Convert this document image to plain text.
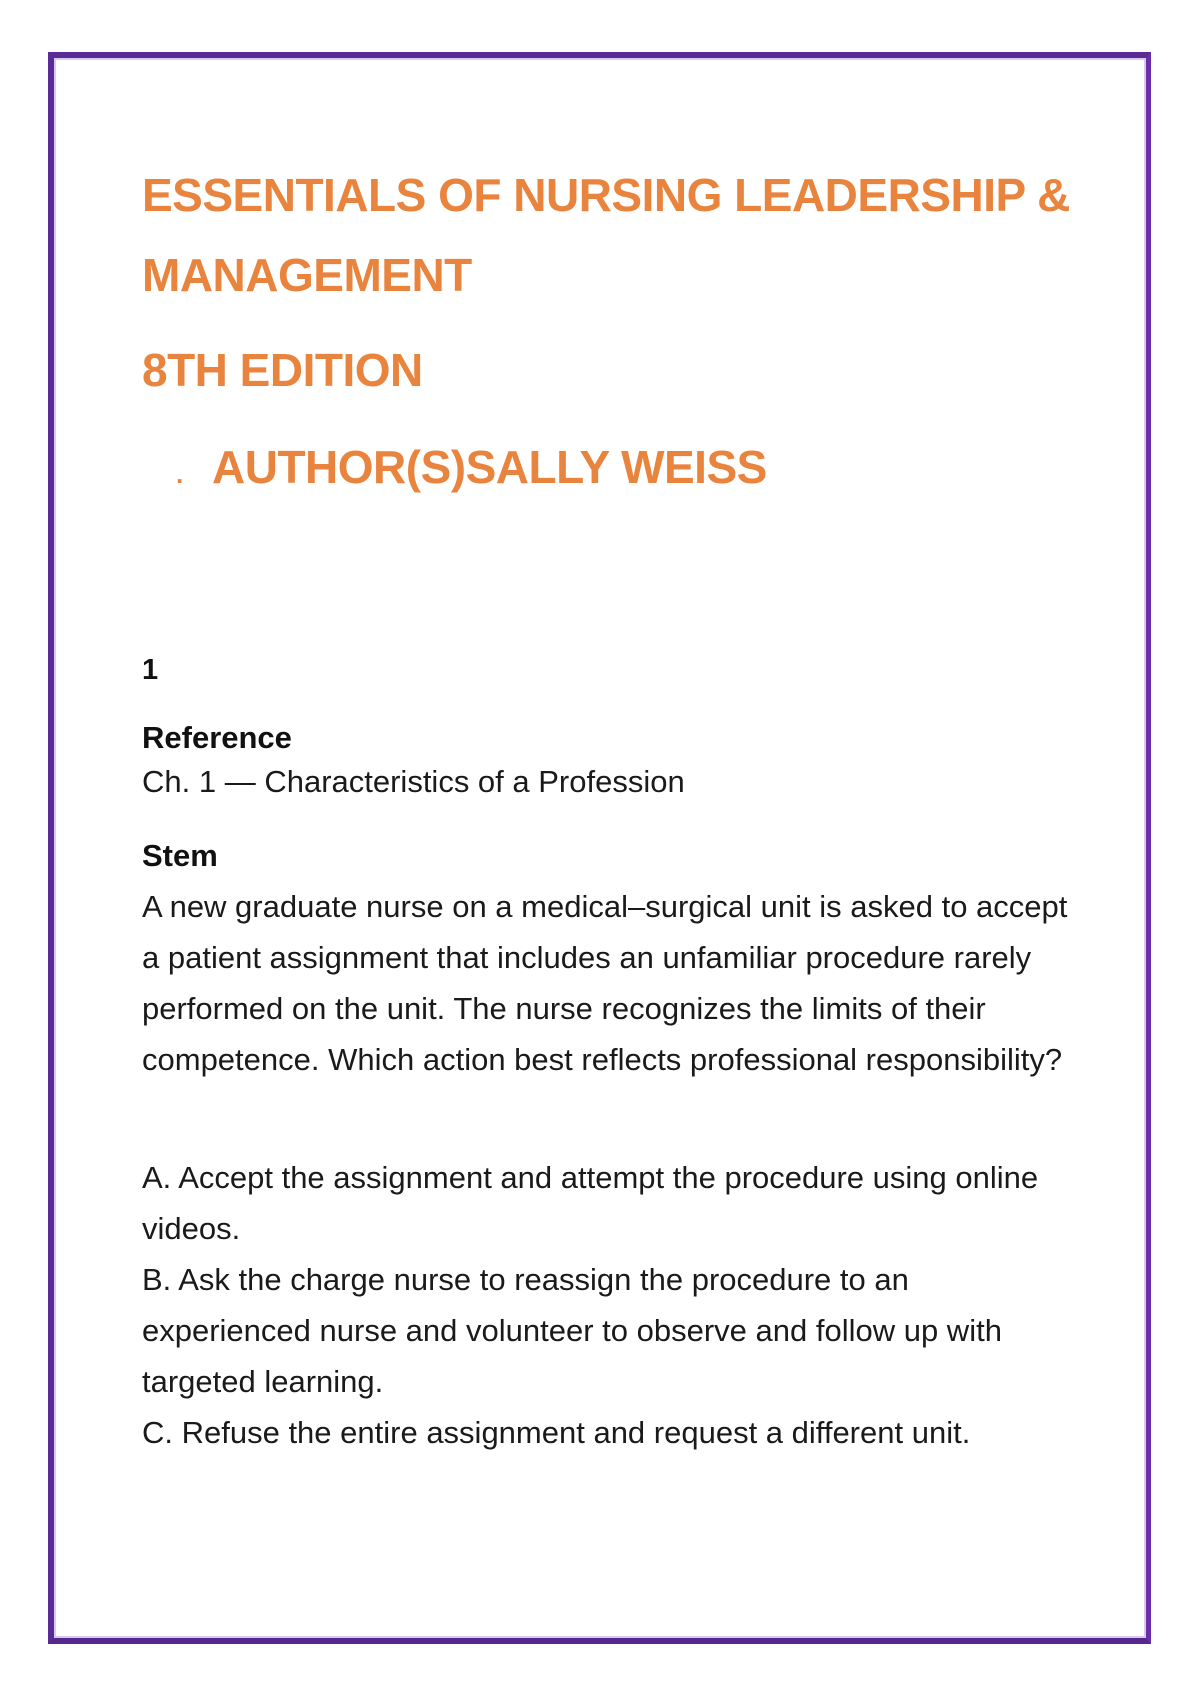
ESSENTIALS OF NURSING LEADERSHIP & MANAGEMENT
8TH EDITION
. AUTHOR(S)SALLY WEISS
1
Reference
Ch. 1 — Characteristics of a Profession
Stem

A new graduate nurse on a medical–surgical unit is asked to accept a patient assignment that includes an unfamiliar procedure rarely performed on the unit. The nurse recognizes the limits of their competence. Which action best reflects professional responsibility?

A. Accept the assignment and attempt the procedure using online videos.
B. Ask the charge nurse to reassign the procedure to an experienced nurse and volunteer to observe and follow up with targeted learning.
C. Refuse the entire assignment and request a different unit.
